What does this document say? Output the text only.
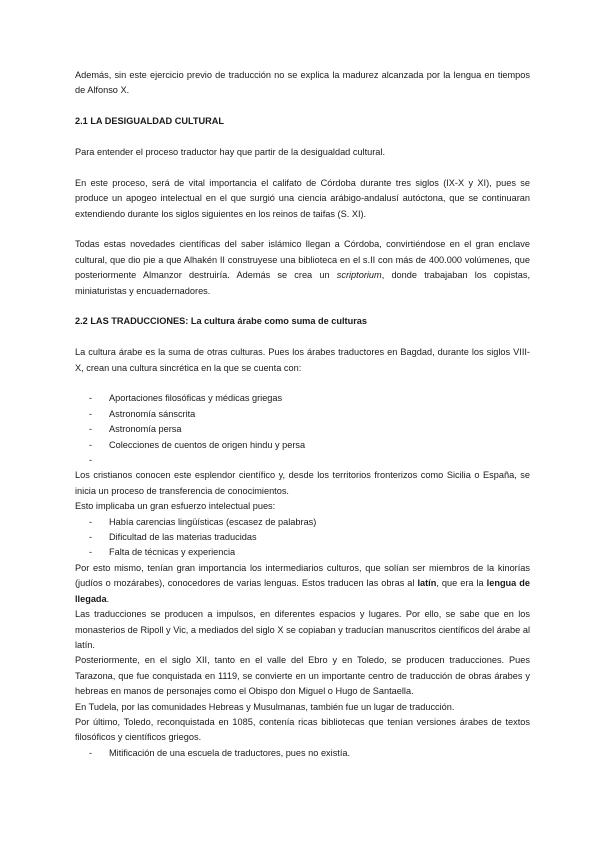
Además, sin este ejercicio previo de traducción no se explica la madurez alcanzada por la lengua en tiempos de Alfonso X.

2.1 LA DESIGUALDAD CULTURAL

Para entender el proceso traductor hay que partir de la desigualdad cultural.

En este proceso, será de vital importancia el califato de Córdoba durante tres siglos (IX-X y XI), pues se produce un apogeo intelectual en el que surgió una ciencia arábigo-andalusí autóctona, que se continuaran extendiendo durante los siglos siguientes en los reinos de taifas (S. XI).

Todas estas novedades científicas del saber islámico llegan a Córdoba, convirtiéndose en el gran enclave cultural, que dio pie a que Alhakén II construyese una biblioteca en el s.II con más de 400.000 volúmenes, que posteriormente Almanzor destruiría. Además se crea un scriptorium, donde trabajaban los copistas, miniaturistas y encuadernadores.

2.2 LAS TRADUCCIONES: La cultura árabe como suma de culturas

La cultura árabe es la suma de otras culturas. Pues los árabes traductores en Bagdad, durante los siglos VIII-X, crean una cultura sincrética en la que se cuenta con:

- Aportaciones filosóficas y médicas griegas
- Astronomía sánscrita
- Astronomía persa
- Colecciones de cuentos de origen hindu y persa
-

Los cristianos conocen este esplendor científico y, desde los territorios fronterizos como Sicilia o España, se inicia un proceso de transferencia de conocimientos.

Esto implicaba un gran esfuerzo intelectual pues:

- Había carencias lingüísticas (escasez de palabras)
- Dificultad de las materias traducidas
- Falta de técnicas y experiencia

Por esto mismo, tenían gran importancia los intermediarios culturos, que solían ser miembros de la kinorías (judíos o mozárabes), conocedores de varias lenguas. Estos traducen las obras al latín, que era la lengua de llegada.

Las traducciones se producen a impulsos, en diferentes espacios y lugares. Por ello, se sabe que en los monasterios de Ripoll y Vic, a mediados del siglo X se copiaban y traducían manuscritos científicos del árabe al latín.

Posteriormente, en el siglo XII, tanto en el valle del Ebro y en Toledo, se producen traducciones. Pues Tarazona, que fue conquistada en 1119, se convierte en un importante centro de traducción de obras árabes y hebreas en manos de personajes como el Obispo don Miguel o Hugo de Santaella.

En Tudela, por las comunidades Hebreas y Musulmanas, también fue un lugar de traducción.

Por último, Toledo, reconquistada en 1085, contenía ricas bibliotecas que tenían versiones árabes de textos filosóficos y científicos griegos.

- Mitificación de una escuela de traductores, pues no existía.
